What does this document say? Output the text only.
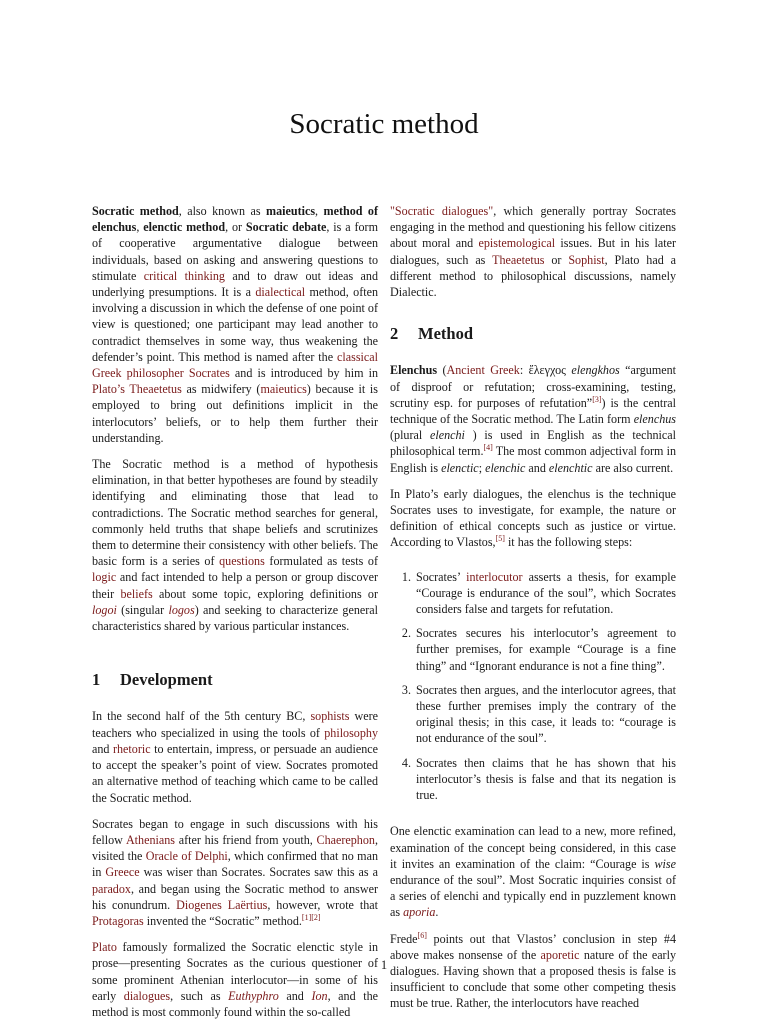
Socratic method

Socratic method, also known as maieutics, method of elenchus, elenctic method, or Socratic debate, is a form of cooperative argumentative dialogue between individuals, based on asking and answering questions to stimulate critical thinking and to draw out ideas and underlying presumptions. It is a dialectical method, often involving a discussion in which the defense of one point of view is questioned; one participant may lead another to contradict themselves in some way, thus weakening the defender’s point. This method is named after the classical Greek philosopher Socrates and is introduced by him in Plato’s Theaetetus as midwifery (maieutics) because it is employed to bring out definitions implicit in the interlocutors’ beliefs, or to help them further their understanding.

The Socratic method is a method of hypothesis elimination, in that better hypotheses are found by steadily identifying and eliminating those that lead to contradictions. The Socratic method searches for general, commonly held truths that shape beliefs and scrutinizes them to determine their consistency with other beliefs. The basic form is a series of questions formulated as tests of logic and fact intended to help a person or group discover their beliefs about some topic, exploring definitions or logoi (singular logos) and seeking to characterize general characteristics shared by various particular instances.

1 Development

In the second half of the 5th century BC, sophists were teachers who specialized in using the tools of philosophy and rhetoric to entertain, impress, or persuade an audience to accept the speaker’s point of view. Socrates promoted an alternative method of teaching which came to be called the Socratic method.

Socrates began to engage in such discussions with his fellow Athenians after his friend from youth, Chaerephon, visited the Oracle of Delphi, which confirmed that no man in Greece was wiser than Socrates. Socrates saw this as a paradox, and began using the Socratic method to answer his conundrum. Diogenes Laërtius, however, wrote that Protagoras invented the “Socratic” method.[1][2]

Plato famously formalized the Socratic elenctic style in prose—presenting Socrates as the curious questioner of some prominent Athenian interlocutor—in some of his early dialogues, such as Euthyphro and Ion, and the method is most commonly found within the so-called

"Socratic dialogues", which generally portray Socrates engaging in the method and questioning his fellow citizens about moral and epistemological issues. But in his later dialogues, such as Theaetetus or Sophist, Plato had a different method to philosophical discussions, namely Dialectic.

2 Method

Elenchus (Ancient Greek: ἔλεγχος elengkhos “argument of disproof or refutation; cross-examining, testing, scrutiny esp. for purposes of refutation”[3]) is the central technique of the Socratic method. The Latin form elenchus (plural elenchi ) is used in English as the technical philosophical term.[4] The most common adjectival form in English is elenctic; elenchic and elenchtic are also current.

In Plato’s early dialogues, the elenchus is the technique Socrates uses to investigate, for example, the nature or definition of ethical concepts such as justice or virtue. According to Vlastos,[5] it has the following steps:

1. Socrates’ interlocutor asserts a thesis, for example “Courage is endurance of the soul”, which Socrates considers false and targets for refutation.
2. Socrates secures his interlocutor’s agreement to further premises, for example “Courage is a fine thing” and “Ignorant endurance is not a fine thing”.
3. Socrates then argues, and the interlocutor agrees, that these further premises imply the contrary of the original thesis; in this case, it leads to: “courage is not endurance of the soul”.
4. Socrates then claims that he has shown that his interlocutor’s thesis is false and that its negation is true.

One elenctic examination can lead to a new, more refined, examination of the concept being considered, in this case it invites an examination of the claim: “Courage is wise endurance of the soul”. Most Socratic inquiries consist of a series of elenchi and typically end in puzzlement known as aporia.

Frede[6] points out that Vlastos’ conclusion in step #4 above makes nonsense of the aporetic nature of the early dialogues. Having shown that a proposed thesis is false is insufficient to conclude that some other competing thesis must be true. Rather, the interlocutors have reached

1
